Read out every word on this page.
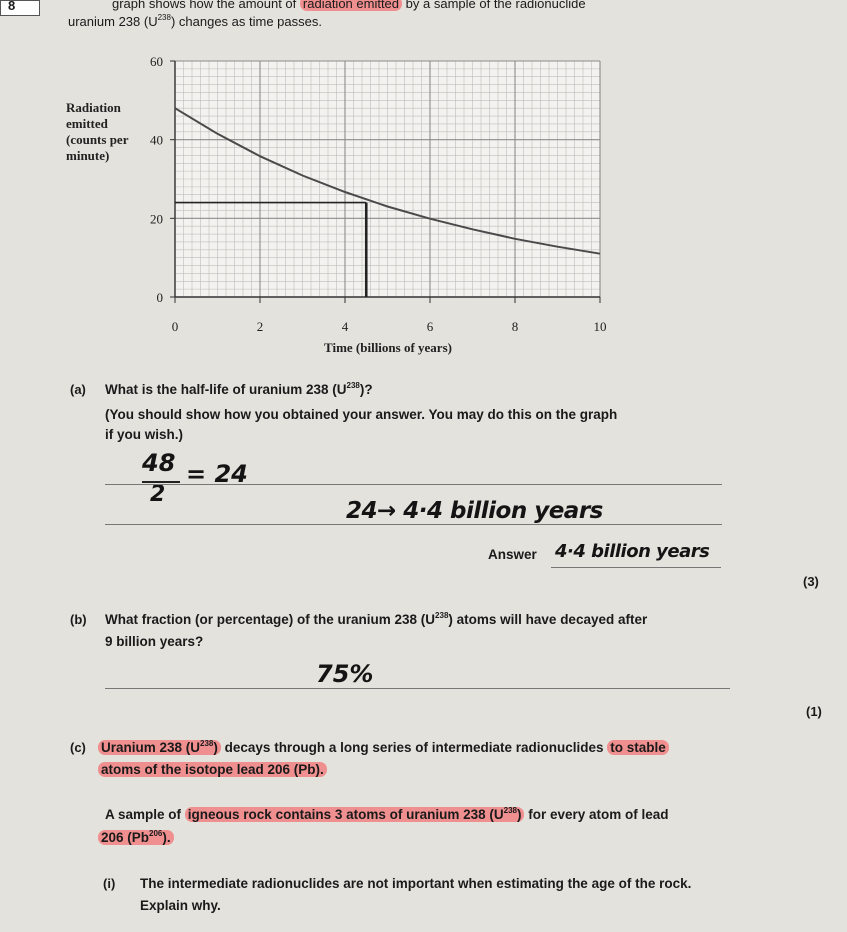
8	graph shows how the amount of radiation emitted by a sample of the radionuclide
uranium 238 $(U^{238})$ changes as time passes.
0
20
40
60
0	2	4	6	8	10
Radiation
emitted
(counts per
minute)
Time (billions of years)
(a) What is the half-life of uranium 238 $(U^{238})$?
(You should show how you obtained your answer. You may do this on the graph
if you wish.)
48
2
= 24
24→ 4·4 billion years
Answer 4·4 billion years
(3)
(b) What fraction (or percentage) of the uranium 238 $(U^{238})$ atoms will have decayed after
9 billion years?
75%
(1)
(c) Uranium 238 $(U^{238})$ decays through a long series of intermediate radionuclides to stable
atoms of the isotope lead 206 (Pb).
A sample of igneous rock contains 3 atoms of uranium 238 $(U^{238})$ for every atom of lead
206 (Pb$^{206}$).
(i) The intermediate radionuclides are not important when estimating the age of the rock.
Explain why.
